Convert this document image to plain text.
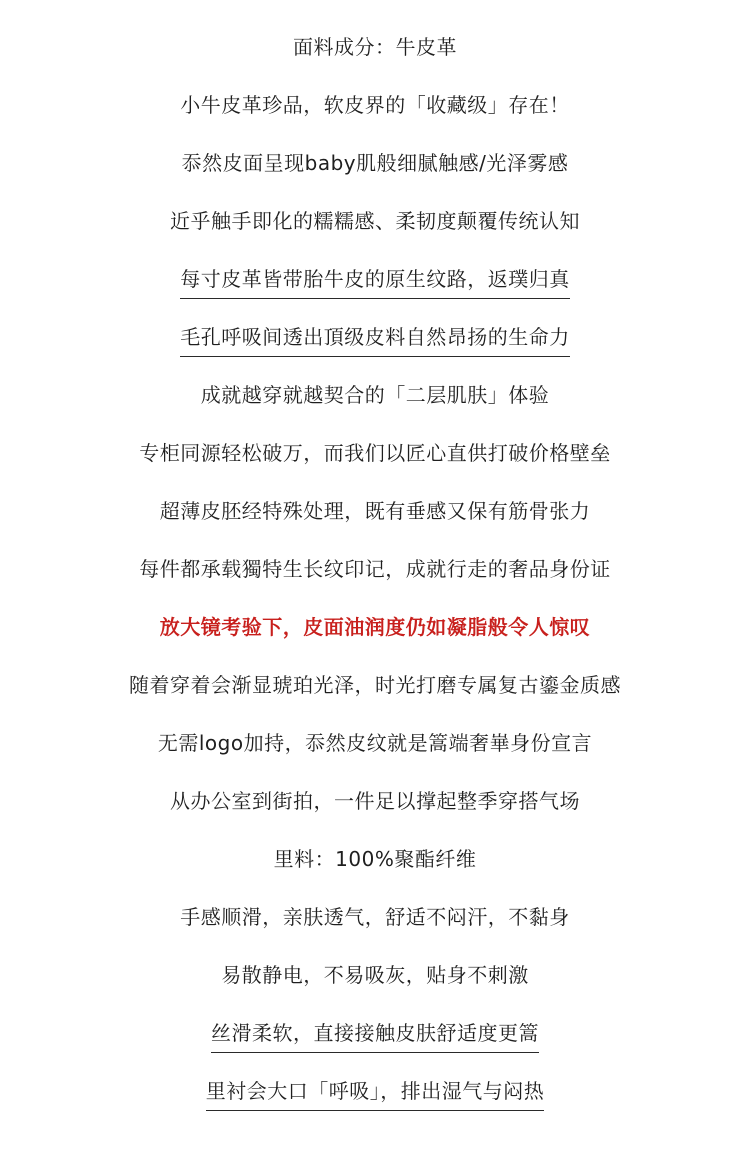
面料成分：牛皮革
小牛皮革珍品，软皮界的「收藏级」存在！
忝然皮面呈现baby肌般细腻触感/光泽雾感
近乎触手即化的糯糯感、柔韧度颠覆传统认知
每寸皮革皆带胎牛皮的原生纹路，返璞归真
毛孔呼吸间透出頂级皮料自然昂扬的生命力
成就越穿就越契合的「二层肌肤」体验
专柜同源轻松破万，而我们以匠心直供打破价格壁垒
超薄皮胚经特殊处理，既有垂感又保有筋骨张力
每件都承载獨特生长纹印记，成就行走的奢品身份证
放大镜考验下，皮面油润度仍如凝脂般令人惊叹
随着穿着会渐显琥珀光泽，时光打磨专属复古鎏金质感
无需logo加持，忝然皮纹就是篙端奢崋身份宣言
从办公室到街拍，一件足以撑起整季穿搭气场
里料：100%聚酯纤维
手感顺滑，亲肤透气，舒适不闷汗，不黏身
易散静电，不易吸灰，贴身不刺激
丝滑柔软，直接接触皮肤舒适度更篙
里衬会大口「呼吸」，排出湿气与闷热
